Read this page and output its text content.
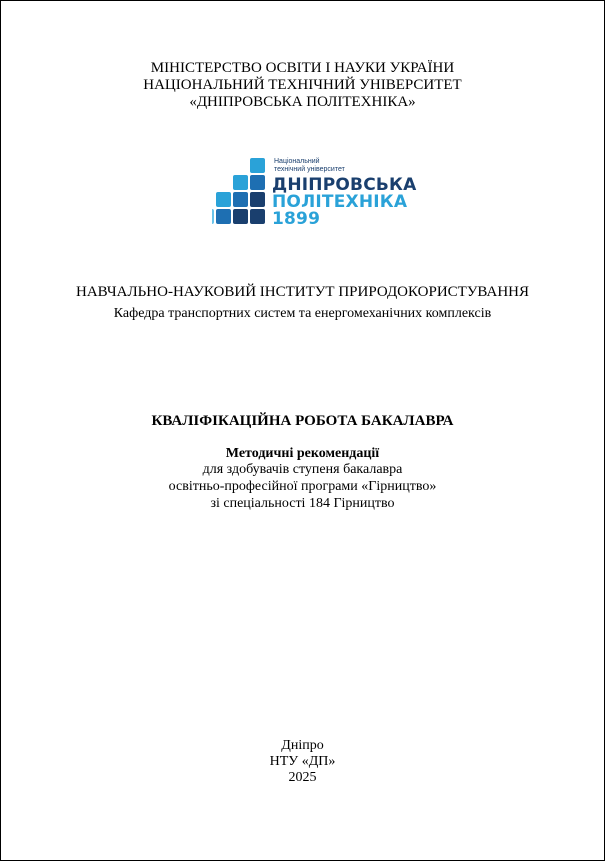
МІНІСТЕРСТВО ОСВІТИ І НАУКИ УКРАЇНИ
НАЦІОНАЛЬНИЙ ТЕХНІЧНИЙ УНІВЕРСИТЕТ
«ДНІПРОВСЬКА ПОЛІТЕХНІКА»
Національний
технічний університет
ДНІПРОВСЬКА
ПОЛІТЕХНІКА
1899
НАВЧАЛЬНО-НАУКОВИЙ ІНСТИТУТ ПРИРОДОКОРИСТУВАННЯ
Кафедра транспортних систем та енергомеханічних комплексів
КВАЛІФІКАЦІЙНА РОБОТА БАКАЛАВРА
Методичні рекомендації
для здобувачів ступеня бакалавра
освітньо-професійної програми «Гірництво»
зі спеціальності 184 Гірництво
Дніпро
НТУ «ДП»
2025
